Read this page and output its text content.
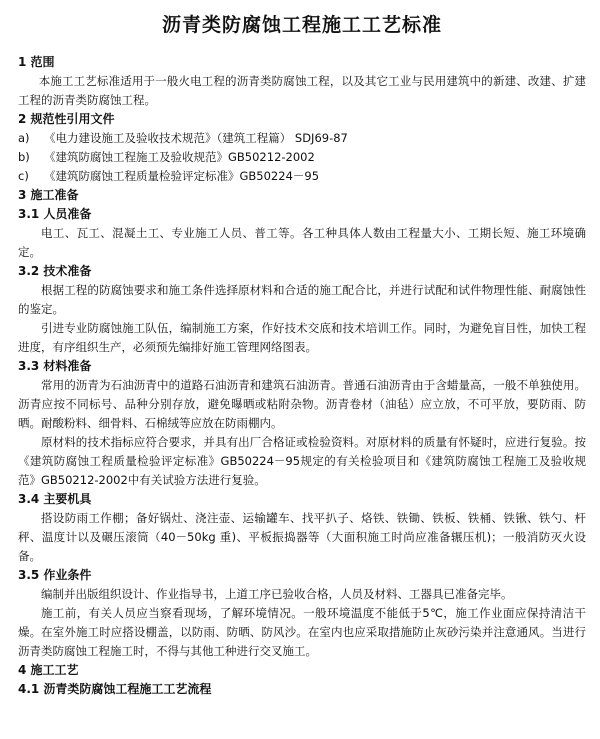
沥青类防腐蚀工程施工工艺标准
1 范围
本施工工艺标准适用于一般火电工程的沥青类防腐蚀工程，以及其它工业与民用建筑中的新建、改建、扩建工程的沥青类防腐蚀工程。
2 规范性引用文件
a) 《电力建设施工及验收技术规范》（建筑工程篇） SDJ69-87
b) 《建筑防腐蚀工程施工及验收规范》GB50212-2002
c) 《建筑防腐蚀工程质量检验评定标准》GB50224－95
3 施工准备
3.1 人员准备
电工、瓦工、混凝土工、专业施工人员、普工等。各工种具体人数由工程量大小、工期长短、施工环境确定。
3.2 技术准备
根据工程的防腐蚀要求和施工条件选择原材料和合适的施工配合比，并进行试配和试件物理性能、耐腐蚀性的鉴定。
引进专业防腐蚀施工队伍，编制施工方案，作好技术交底和技术培训工作。同时，为避免盲目性，加快工程进度，有序组织生产，必须预先编排好施工管理网络图表。
3.3 材料准备
常用的沥青为石油沥青中的道路石油沥青和建筑石油沥青。普通石油沥青由于含蜡量高，一般不单独使用。沥青应按不同标号、品种分别存放，避免曝晒或粘附杂物。沥青卷材（油毡）应立放，不可平放，要防雨、防晒。耐酸粉料、细骨料、石棉绒等应放在防雨棚内。
原材料的技术指标应符合要求，并具有出厂合格证或检验资料。对原材料的质量有怀疑时，应进行复验。按《建筑防腐蚀工程质量检验评定标准》GB50224－95规定的有关检验项目和《建筑防腐蚀工程施工及验收规范》GB50212-2002中有关试验方法进行复验。
3.4 主要机具
搭设防雨工作棚；备好锅灶、浇注壶、运输罐车、找平扒子、烙铁、铁锄、铁板、铁桶、铁锹、铁勺、杆秤、温度计以及碾压滚筒（40－50kg 重)、平板振捣器等（大面积施工时尚应准备辗压机)；一般消防灭火设备。
3.5 作业条件
编制并出版组织设计、作业指导书，上道工序已验收合格，人员及材料、工器具已准备完毕。
施工前，有关人员应当察看现场，了解环境情况。一般环境温度不能低于5℃，施工作业面应保持清洁干燥。在室外施工时应搭设棚盖，以防雨、防晒、防风沙。在室内也应采取措施防止灰砂污染并注意通风。当进行沥青类防腐蚀工程施工时，不得与其他工种进行交叉施工。
4 施工工艺
4.1 沥青类防腐蚀工程施工工艺流程
